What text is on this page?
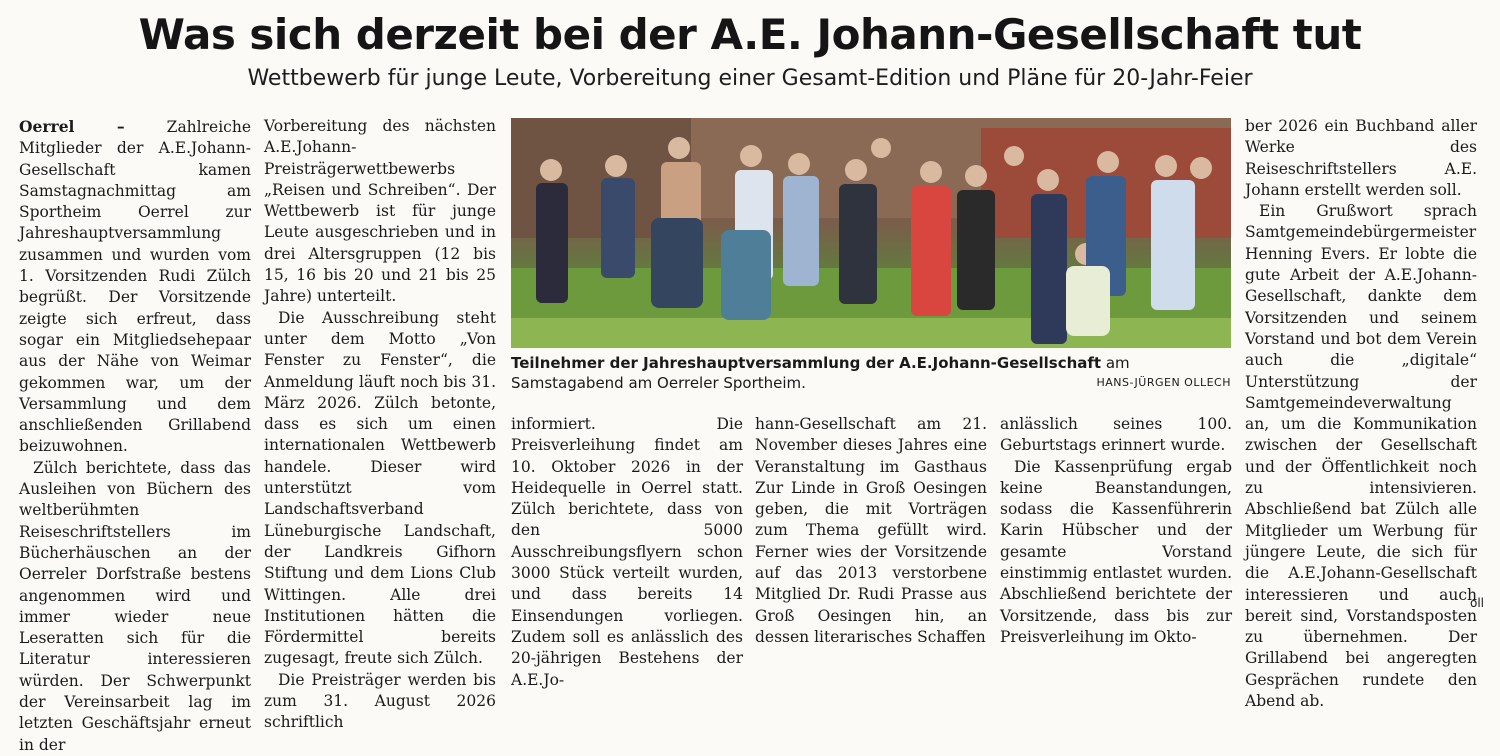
Was sich derzeit bei der A.E. Johann-Gesellschaft tut
Wettbewerb für junge Leute, Vorbereitung einer Gesamt-Edition und Pläne für 20-Jahr-Feier

Oerrel –	Zahlreiche Mitglieder der A.E.Johann-Gesellschaft kamen Samstagnachmittag am Sportheim Oerrel zur Jahreshauptversammlung zusammen und wurden vom 1. Vorsitzenden Rudi Zülch begrüßt. Der Vorsitzende zeigte sich erfreut, dass sogar ein Mitgliedsehepaar aus der Nähe von Weimar gekommen war, um der Versammlung und dem anschließenden Grillabend beizuwohnen.

Zülch berichtete, dass das Ausleihen von Büchern des weltberühmten Reiseschriftstellers im Bücherhäuschen an der Oerreler Dorfstraße bestens angenommen wird und immer wieder neue Leseratten sich für die Literatur interessieren würden. Der Schwerpunkt der Vereinsarbeit lag im letzten Geschäftsjahr erneut in der

Vorbereitung des nächsten A.E.Johann-Preisträgerwettbewerbs „Reisen und Schreiben“. Der Wettbewerb ist für junge Leute ausgeschrieben und in drei Altersgruppen (12 bis 15, 16 bis 20 und 21 bis 25 Jahre) unterteilt.

Die Ausschreibung steht unter dem Motto „Von Fenster zu Fenster“, die Anmeldung läuft noch bis 31. März 2026. Zülch betonte, dass es sich um einen internationalen Wettbewerb handele. Dieser wird unterstützt vom Landschaftsverband Lüneburgische Landschaft, der Landkreis Gifhorn Stiftung und dem Lions Club Wittingen. Alle drei Institutionen hätten die Fördermittel bereits zugesagt, freute sich Zülch.

Die Preisträger werden bis zum 31. August 2026 schriftlich

Teilnehmer der Jahreshauptversammlung der A.E.Johann-Gesellschaft am Samstagabend am Oerreler Sportheim.	HANS-JÜRGEN OLLECH

informiert. Die Preisverleihung findet am 10. Oktober 2026 in der Heidequelle in Oerrel statt. Zülch berichtete, dass von den 5000 Ausschreibungsflyern schon 3000 Stück verteilt wurden, und dass bereits 14 Einsendungen vorliegen. Zudem soll es anlässlich des 20-jährigen Bestehens der A.E.Jo-

hann-Gesellschaft am 21. November dieses Jahres eine Veranstaltung im Gasthaus Zur Linde in Groß Oesingen geben, die mit Vorträgen zum Thema gefüllt wird. Ferner wies der Vorsitzende auf das 2013 verstorbene Mitglied Dr. Rudi Prasse aus Groß Oesingen hin, an dessen literarisches Schaffen

anlässlich seines 100. Geburtstags erinnert wurde.

Die Kassenprüfung ergab keine Beanstandungen, sodass die Kassenführerin Karin Hübscher und der gesamte Vorstand einstimmig entlastet wurden. Abschließend berichtete der Vorsitzende, dass bis zur Preisverleihung im Okto-

ber 2026 ein Buchband aller Werke des Reiseschriftstellers A.E. Johann erstellt werden soll.

Ein Grußwort sprach Samtgemeindebürgermeister Henning Evers. Er lobte die gute Arbeit der A.E.Johann-Gesellschaft, dankte dem Vorsitzenden und seinem Vorstand und bot dem Verein auch die „digitale“ Unterstützung der Samtgemeindeverwaltung an, um die Kommunikation zwischen der Gesellschaft und der Öffentlichkeit noch zu intensivieren. Abschließend bat Zülch alle Mitglieder um Werbung für jüngere Leute, die sich für die A.E.Johann-Gesellschaft interessieren und auch bereit sind, Vorstandsposten zu übernehmen. Der Grillabend bei angeregten Gesprächen rundete den Abend ab.

oll
